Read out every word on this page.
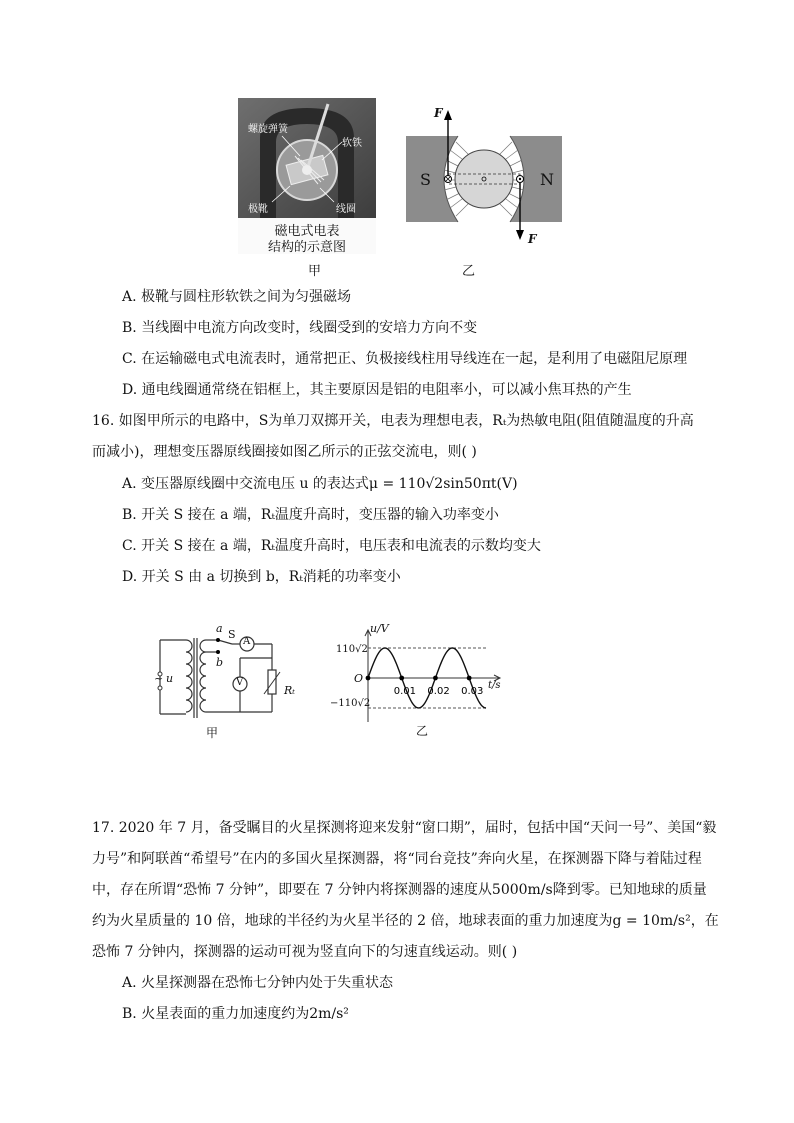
螺旋弹簧
软铁
极靴	线圈
磁电式电表
结构的示意图
F
F
S	N
甲	乙
A. 极靴与圆柱形软铁之间为匀强磁场
B. 当线圈中电流方向改变时，线圈受到的安培力方向不变
C. 在运输磁电式电流表时，通常把正、负极接线柱用导线连在一起，是利用了电磁阻尼原理
D. 通电线圈通常绕在铝框上，其主要原因是铝的电阻率小，可以减小焦耳热的产生
16. 如图甲所示的电路中，S为单刀双掷开关，电表为理想电表，Rₜ为热敏电阻(阻值随温度的升高
而减小)，理想变压器原线圈接如图乙所示的正弦交流电，则( )
A. 变压器原线圈中交流电压 u 的表达式μ = 110√2sin50πt(V)
B. 开关 S 接在 a 端，Rₜ温度升高时，变压器的输入功率变小
C. 开关 S 接在 a 端，Rₜ温度升高时，电压表和电流表的示数均变大
D. 开关 S 由 a 切换到 b，Rₜ消耗的功率变小
a S
A
b
~ u	V
Rₜ
甲
0.01 0.02 0.03
u/V
110√2
O
−110√2
t/s
乙
17. 2020 年 7 月，备受瞩目的火星探测将迎来发射“窗口期”，届时，包括中国“天问一号”、美国“毅
力号”和阿联酋“希望号”在内的多国火星探测器，将“同台竞技”奔向火星，在探测器下降与着陆过程
中，存在所谓“恐怖 7 分钟”，即要在 7 分钟内将探测器的速度从5000m/s降到零。已知地球的质量
约为火星质量的 10 倍，地球的半径约为火星半径的 2 倍，地球表面的重力加速度为g = 10m/s²，在
恐怖 7 分钟内，探测器的运动可视为竖直向下的匀速直线运动。则( )
A. 火星探测器在恐怖七分钟内处于失重状态
B. 火星表面的重力加速度约为2m/s²
